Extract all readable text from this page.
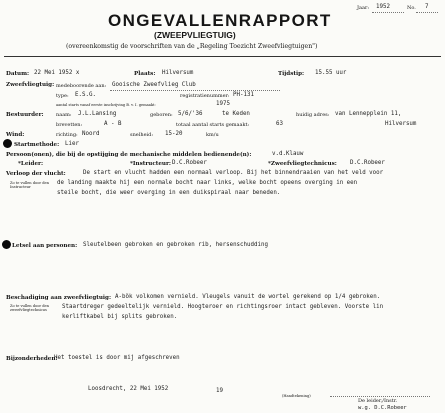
Jaar: 1952	No. 7
ONGEVALLENRAPPORT
(ZWEEPVLIEGTUIG)
(overeenkomstig de voorschriften van de „Regeling Toezicht Zweefvliegtuigen")
Datum: 22 Mei 1952 x	Plaats: Hilversum	Tijdstip: 15.55 uur
Zweefvliegtuig: medeboorende aan: Gooische Zweefvlieg Club
type: E.S.G.	registratienummer: PH-131
aantal starts vanaf eerste inschrijving B. v. I. gemaakt:	1975
Bestuurder: naam: J.L.Lansing	geboren: 5/6/'36	te Keden	huidig adres: van Lennepplein 11,
Hilversum
brevetten:	A - B	totaal aantal starts gemaakt:	63
Wind:	richting: Noord	snelheid: 15-20	km/u
Startmethode: Lier
Persoon(onen), die bij de opstijging de mechanische middelen bedienende(n):	v.d.Klauw
*Leider:	*Instructeur: D.C.Robeer	*Zweefvliegtechnicus: D.C.Robeer
Verloop der vlucht:
Zo te vullen door den Instructeur
De start en vlucht hadden een normaal verloop. Bij het binnendraaien van het veld voor
de landing maakte hij een normale bocht naar links, welke bocht opeens overging in een
steile bocht, die weer overging in een duikspiraal naar beneden.
Letsel aan personen: Sleutelbeen gebroken en gebroken rib, hersenschudding
Beschadiging aan zweefvliegtuig:
Zo te vullen door den zweefvliegtechnicus
A-bök volkomen vernield. Vleugels vanuit de wortel gerekend op 1/4 gebroken.
Staartdreger gedeeltelijk vernield. Hoogteroer en richtingsroer intact gebleven. Voorste lin
kerliftkabel bij splits gebroken.
Bijzonderheden:
Het toestel is door mij afgeschreven
Loosdrecht, 22 Mei 1952	19
(Handtekening)
De leider,/Instr.
w.g. D.C.Robeer
